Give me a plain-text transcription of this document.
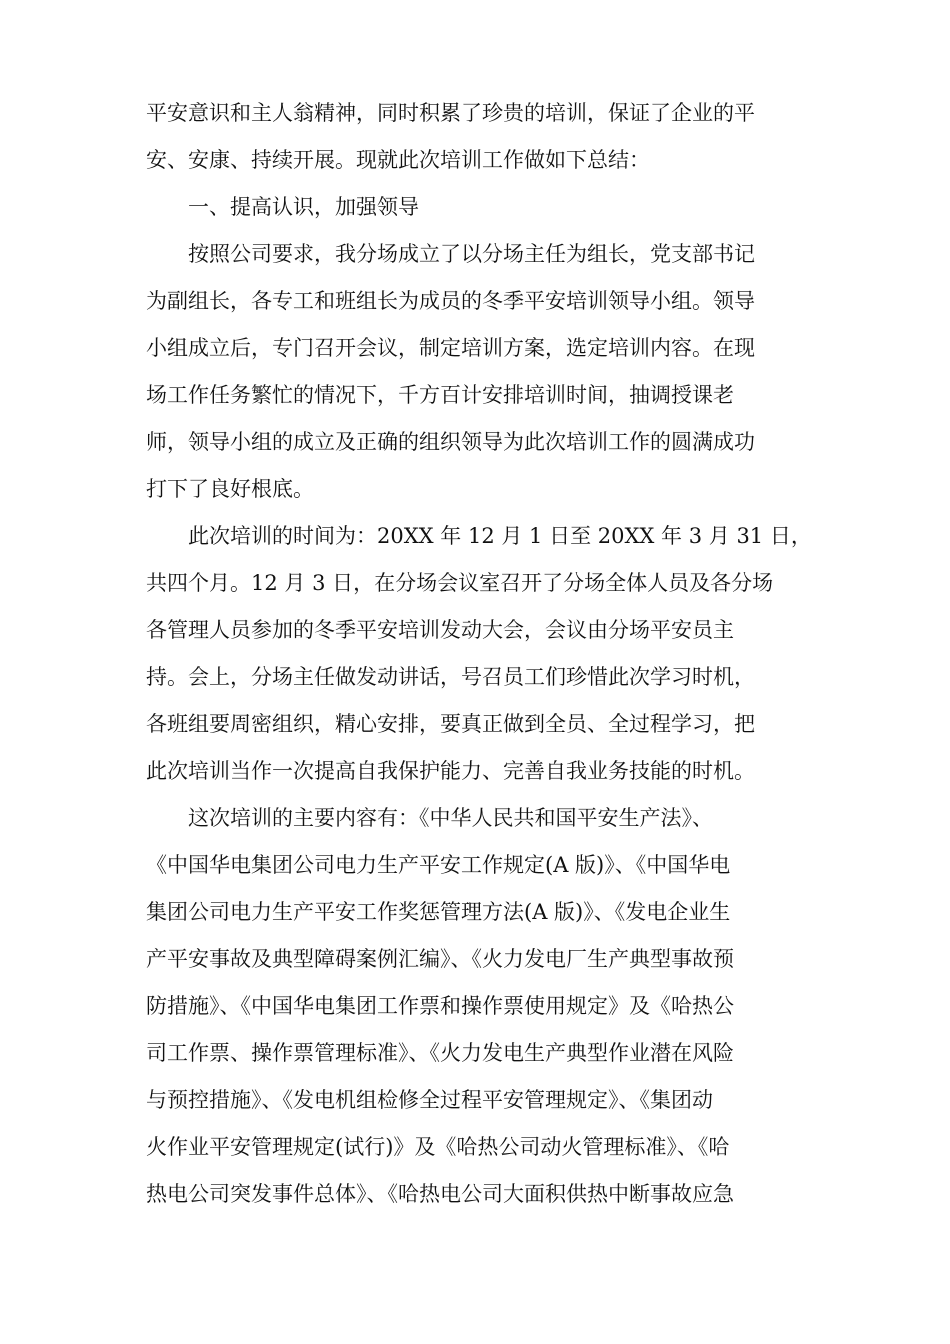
平安意识和主人翁精神，同时积累了珍贵的培训，保证了企业的平
安、安康、持续开展。现就此次培训工作做如下总结：
一、提高认识，加强领导
按照公司要求，我分场成立了以分场主任为组长，党支部书记
为副组长，各专工和班组长为成员的冬季平安培训领导小组。领导
小组成立后，专门召开会议，制定培训方案，选定培训内容。在现
场工作任务繁忙的情况下，千方百计安排培训时间，抽调授课老
师，领导小组的成立及正确的组织领导为此次培训工作的圆满成功
打下了良好根底。
此次培训的时间为：20XX 年 12 月 1 日至 20XX 年 3 月 31 日，
共四个月。12 月 3 日，在分场会议室召开了分场全体人员及各分场
各管理人员参加的冬季平安培训发动大会，会议由分场平安员主
持。会上，分场主任做发动讲话，号召员工们珍惜此次学习时机，
各班组要周密组织，精心安排，要真正做到全员、全过程学习，把
此次培训当作一次提高自我保护能力、完善自我业务技能的时机。
这次培训的主要内容有：《中华人民共和国平安生产法》、
《中国华电集团公司电力生产平安工作规定(A 版)》、《中国华电
集团公司电力生产平安工作奖惩管理方法(A 版)》、《发电企业生
产平安事故及典型障碍案例汇编》、《火力发电厂生产典型事故预
防措施》、《中国华电集团工作票和操作票使用规定》及《哈热公
司工作票、操作票管理标准》、《火力发电生产典型作业潜在风险
与预控措施》、《发电机组检修全过程平安管理规定》、《集团动
火作业平安管理规定(试行)》及《哈热公司动火管理标准》、《哈
热电公司突发事件总体》、《哈热电公司大面积供热中断事故应急
